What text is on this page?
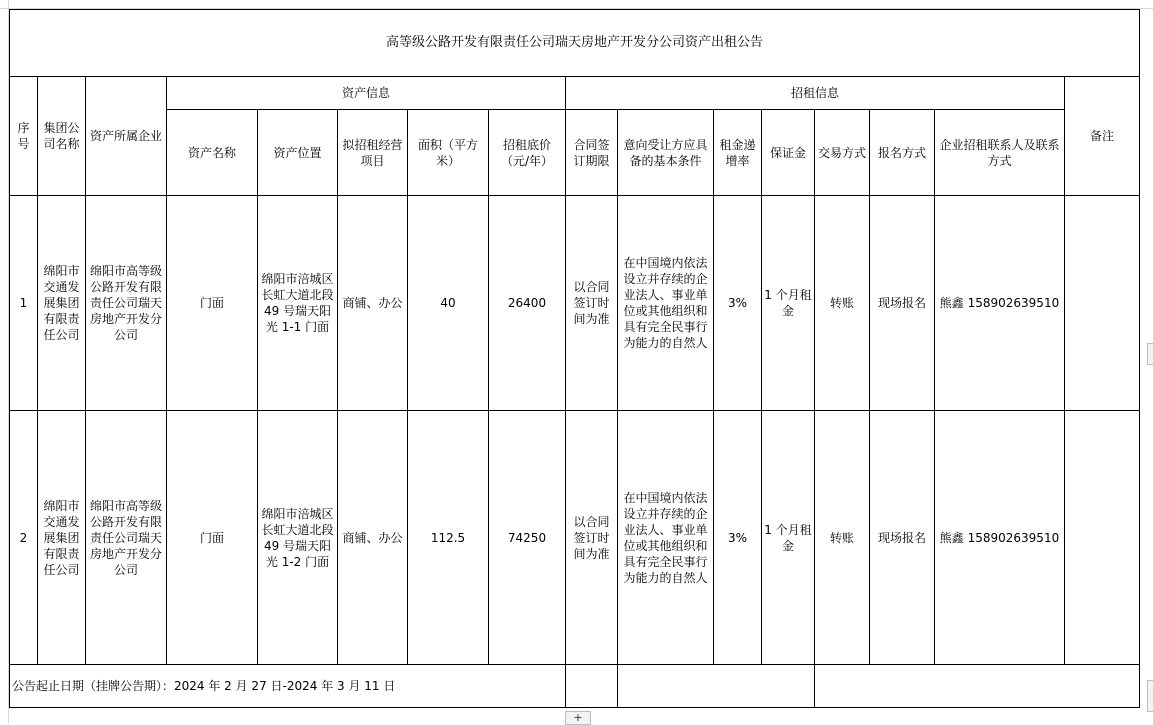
高等级公路开发有限责任公司瑞天房地产开发分公司资产出租公告															
序号	集团公司名称	资产所属企业	资产信息					招租信息							备注
			资产名称	资产位置	拟招租经营项目	面积（平方米）	招租底价（元/年）	合同签订期限	意向受让方应具备的基本条件	租金递增率	保证金	交易方式	报名方式	企业招租联系人及联系方式	
1	绵阳市交通发展集团有限责任公司	绵阳市高等级公路开发有限责任公司瑞天房地产开发分公司	门面	绵阳市涪城区长虹大道北段 49 号瑞天阳光 1-1 门面	商铺、办公	40	26400	以合同签订时间为准	在中国境内依法设立并存续的企业法人、事业单位或其他组织和具有完全民事行为能力的自然人	3%	1 个月租金	转账	现场报名	熊鑫 158902639510	
2	绵阳市交通发展集团有限责任公司	绵阳市高等级公路开发有限责任公司瑞天房地产开发分公司	门面	绵阳市涪城区长虹大道北段 49 号瑞天阳光 1-2 门面	商铺、办公	112.5	74250	以合同签订时间为准	在中国境内依法设立并存续的企业法人、事业单位或其他组织和具有完全民事行为能力的自然人	3%	1 个月租金	转账	现场报名	熊鑫 158902639510	
公告起止日期（挂牌公告期）：2024 年 2 月 27 日-2024 年 3 月 11 日															
+
